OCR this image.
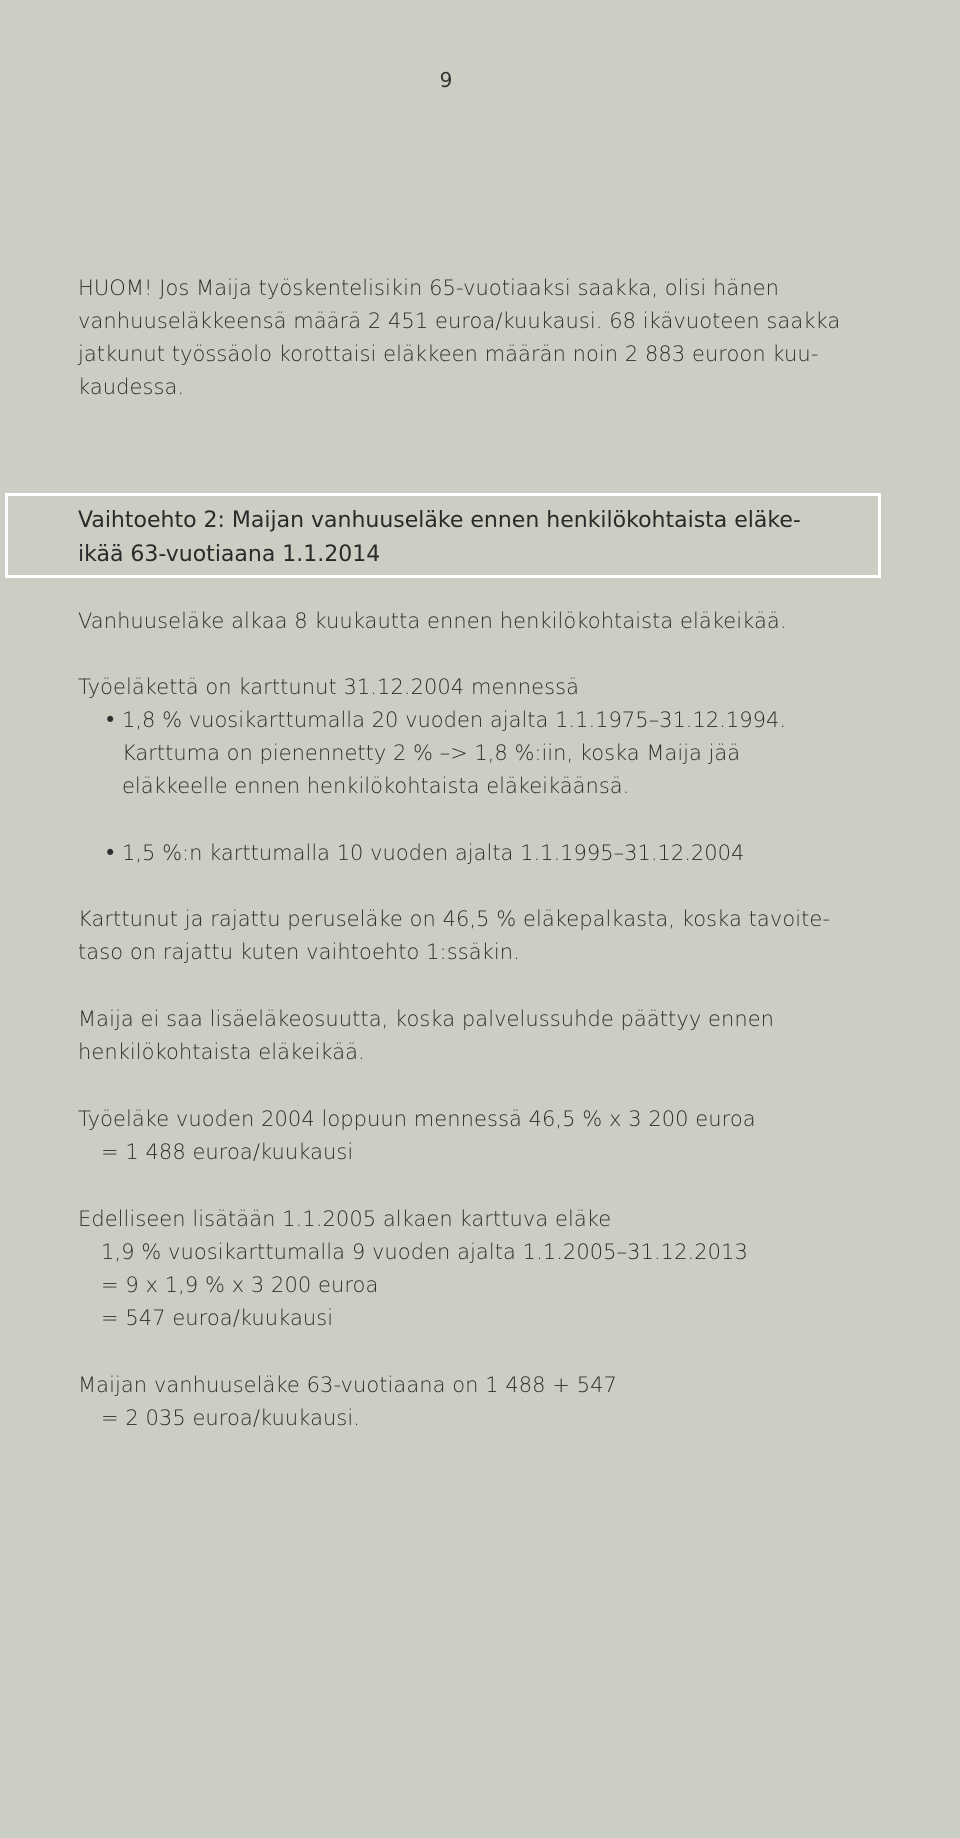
9
HUOM! Jos Maija työskentelisikin 65-vuotiaaksi saakka, olisi hänen
vanhuuseläkkeensä määrä 2 451 euroa/kuukausi. 68 ikävuoteen saakka
jatkunut työssäolo korottaisi eläkkeen määrän noin 2 883 euroon kuu-
kaudessa.
Vaihtoehto 2: Maijan vanhuuseläke ennen henkilökohtaista eläke-
ikää 63-vuotiaana 1.1.2014
Vanhuuseläke alkaa 8 kuukautta ennen henkilökohtaista eläkeikää.
Työeläkettä on karttunut 31.12.2004 mennessä
• 1,8 % vuosikarttumalla 20 vuoden ajalta 1.1.1975–31.12.1994.
Karttuma on pienennetty 2 % –> 1,8 %:iin, koska Maija jää
eläkkeelle ennen henkilökohtaista eläkeikäänsä.
• 1,5 %:n karttumalla 10 vuoden ajalta 1.1.1995–31.12.2004
Karttunut ja rajattu peruseläke on 46,5 % eläkepalkasta, koska tavoite-
taso on rajattu kuten vaihtoehto 1:ssäkin.
Maija ei saa lisäeläkeosuutta, koska palvelussuhde päättyy ennen
henkilökohtaista eläkeikää.
Työeläke vuoden 2004 loppuun mennessä 46,5 % x 3 200 euroa
= 1 488 euroa/kuukausi
Edelliseen lisätään 1.1.2005 alkaen karttuva eläke
1,9 % vuosikarttumalla 9 vuoden ajalta 1.1.2005–31.12.2013
= 9 x 1,9 % x 3 200 euroa
= 547 euroa/kuukausi
Maijan vanhuuseläke 63-vuotiaana on 1 488 + 547
= 2 035 euroa/kuukausi.
